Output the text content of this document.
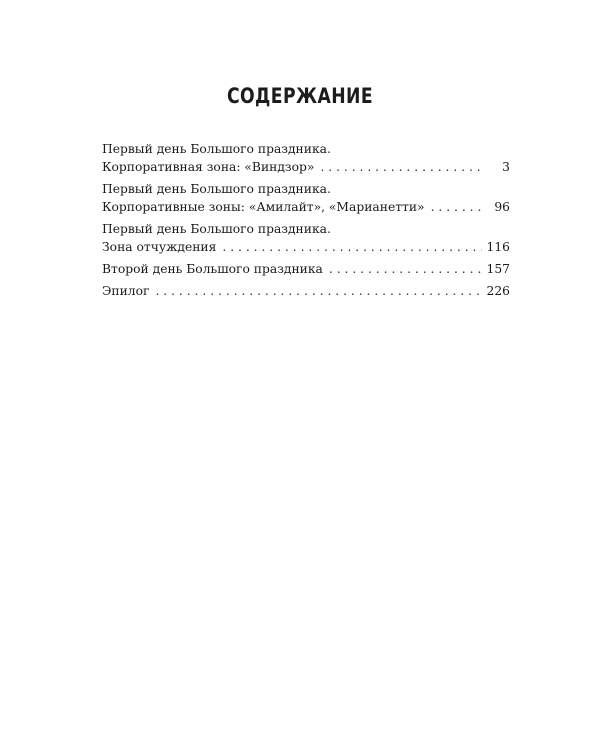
СОДЕРЖАНИЕ
Первый день Большого праздника.
Корпоративная зона: «Виндзор» . . .	3
Первый день Большого праздника.
Корпоративные зоны: «Амилайт», «Марианетти» . . .	96
Первый день Большого праздника.
Зона отчуждения . . .	116
Второй день Большого праздника . . .	157
Эпилог . . .	226
